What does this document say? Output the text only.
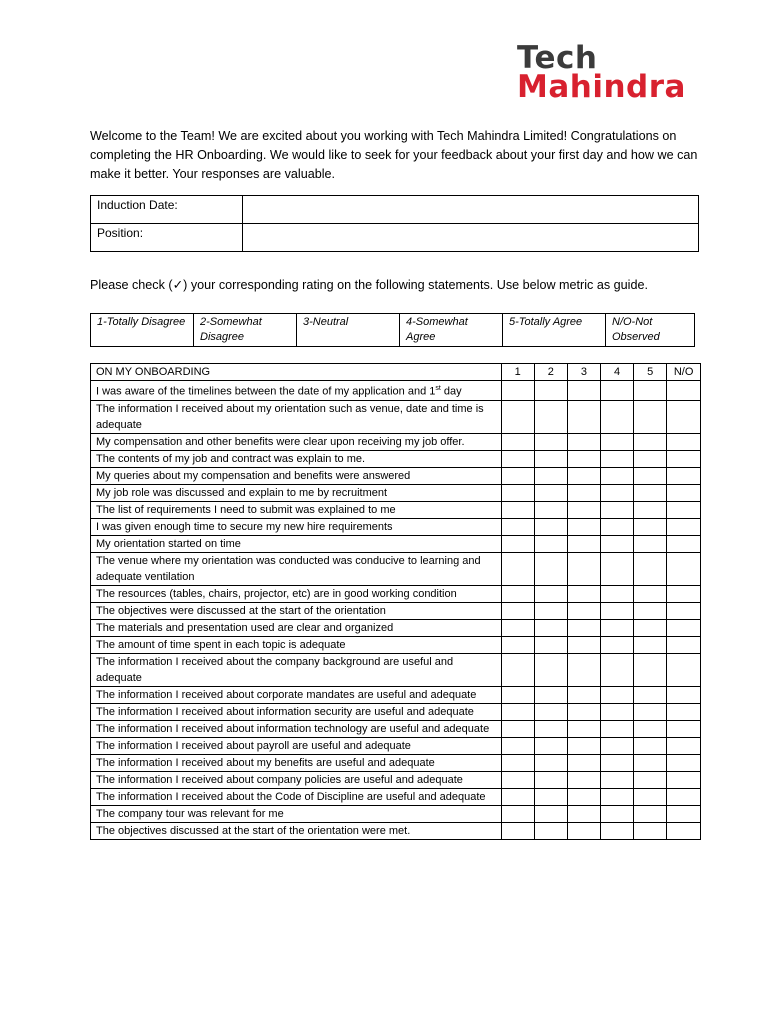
Tech
Mahindra
Welcome to the Team! We are excited about you working with Tech Mahindra Limited! Congratulations on completing the HR Onboarding. We would like to seek for your feedback about your first day and how we can make it better. Your responses are valuable.
Induction Date:	
Position:	
Please check (✓) your corresponding rating on the following statements. Use below metric as guide.
1-Totally Disagree	2-Somewhat Disagree	3-Neutral	4-Somewhat Agree	5-Totally Agree	N/O-Not Observed
ON MY ONBOARDING	1	2	3	4	5	N/O
I was aware of the timelines between the date of my application and 1st day						
The information I received about my orientation such as venue, date and time is adequate						
My compensation and other benefits were clear upon receiving my job offer.						
The contents of my job and contract was explain to me.						
My queries about my compensation and benefits were answered						
My job role was discussed and explain to me by recruitment						
The list of requirements I need to submit was explained to me						
I was given enough time to secure my new hire requirements						
My orientation started on time						
The venue where my orientation was conducted was conducive to learning and adequate ventilation						
The resources (tables, chairs, projector, etc) are in good working condition						
The objectives were discussed at the start of the orientation						
The materials and presentation used are clear and organized						
The amount of time spent in each topic is adequate						
The information I received about the company background are useful and adequate						
The information I received about corporate mandates are useful and adequate						
The information I received about information security are useful and adequate						
The information I received about information technology are useful and adequate						
The information I received about payroll are useful and adequate						
The information I received about my benefits are useful and adequate						
The information I received about company policies are useful and adequate						
The information I received about the Code of Discipline are useful and adequate						
The company tour was relevant for me						
The objectives discussed at the start of the orientation were met.						
